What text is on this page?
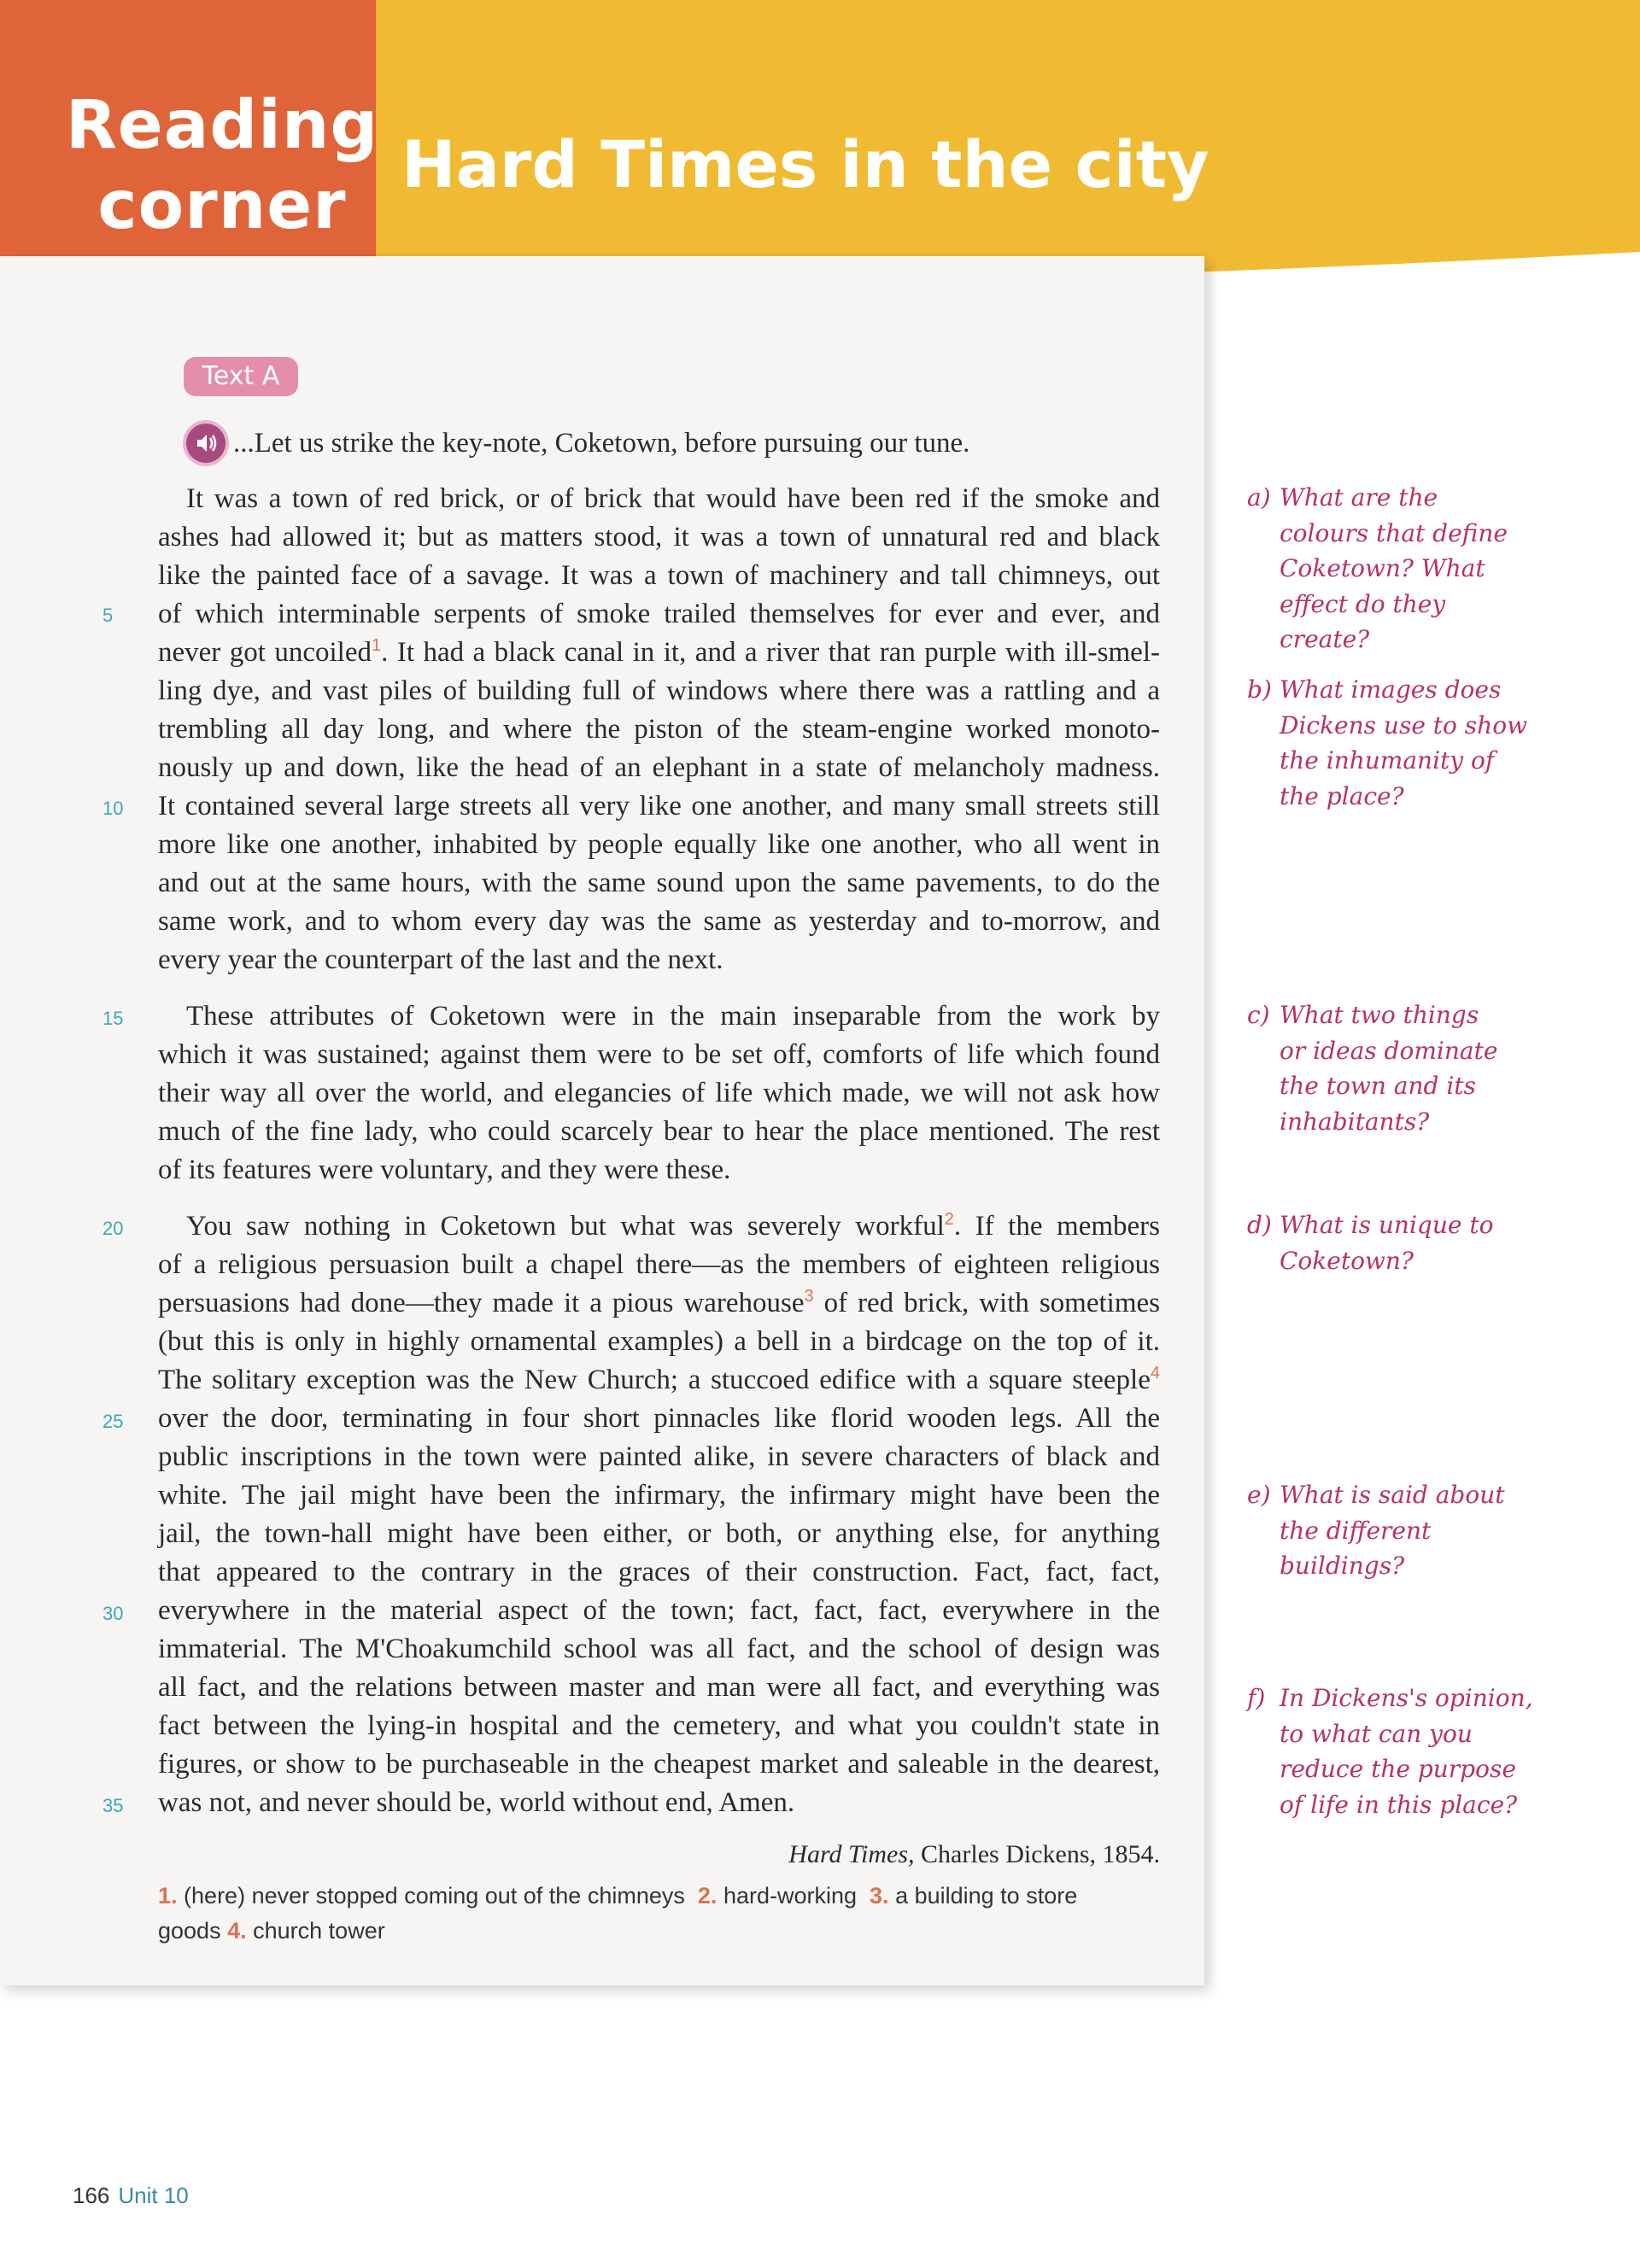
Reading
corner
Hard Times in the city
Text A
...Let us strike the key-note, Coketown, before pursuing our tune.
It was a town of red brick, or of brick that would have been red if the smoke and
ashes had allowed it; but as matters stood, it was a town of unnatural red and black
like the painted face of a savage. It was a town of machinery and tall chimneys, out
of which interminable serpents of smoke trailed themselves for ever and ever, and
never got uncoiled$^1$. It had a black canal in it, and a river that ran purple with ill-smel-
ling dye, and vast piles of building full of windows where there was a rattling and a
trembling all day long, and where the piston of the steam-engine worked monoto-
nously up and down, like the head of an elephant in a state of melancholy madness.
It contained several large streets all very like one another, and many small streets still
more like one another, inhabited by people equally like one another, who all went in
and out at the same hours, with the same sound upon the same pavements, to do the
same work, and to whom every day was the same as yesterday and to-morrow, and
every year the counterpart of the last and the next.
These attributes of Coketown were in the main inseparable from the work by
which it was sustained; against them were to be set off, comforts of life which found
their way all over the world, and elegancies of life which made, we will not ask how
much of the fine lady, who could scarcely bear to hear the place mentioned. The rest
of its features were voluntary, and they were these.
You saw nothing in Coketown but what was severely workful$^2$. If the members
of a religious persuasion built a chapel there—as the members of eighteen religious
persuasions had done—they made it a pious warehouse$^3$ of red brick, with sometimes
(but this is only in highly ornamental examples) a bell in a birdcage on the top of it.
The solitary exception was the New Church; a stuccoed edifice with a square steeple$^4$
over the door, terminating in four short pinnacles like florid wooden legs. All the
public inscriptions in the town were painted alike, in severe characters of black and
white. The jail might have been the infirmary, the infirmary might have been the
jail, the town-hall might have been either, or both, or anything else, for anything
that appeared to the contrary in the graces of their construction. Fact, fact, fact,
everywhere in the material aspect of the town; fact, fact, fact, everywhere in the
immaterial. The M'Choakumchild school was all fact, and the school of design was
all fact, and the relations between master and man were all fact, and everything was
fact between the lying-in hospital and the cemetery, and what you couldn't state in
figures, or show to be purchaseable in the cheapest market and saleable in the dearest,
was not, and never should be, world without end, Amen.
5
10
15
20
25
30
35
Hard Times, Charles Dickens, 1854.
1. (here) never stopped coming out of the chimneys 2. hard-working 3. a building to store goods 4. church tower
a) What are the
colours that define
Coketown? What
effect do they
create?
b) What images does
Dickens use to show
the inhumanity of
the place?
c) What two things
or ideas dominate
the town and its
inhabitants?
d) What is unique to
Coketown?
e) What is said about
the different
buildings?
f) In Dickens's opinion,
to what can you
reduce the purpose
of life in this place?
166 Unit 10
